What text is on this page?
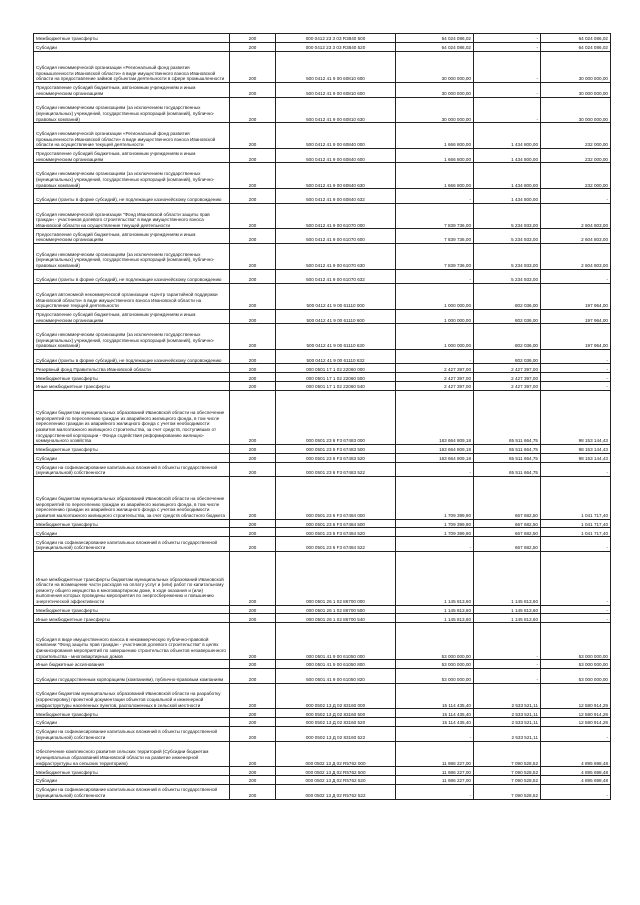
Межбюджетные трансферты	200	000 0412 23 3 03 R3840 500	64 024 086,02	-	64 024 086,02
Субсидии	200	000 0412 23 3 03 R3840 520	64 024 086,02	-	64 024 086,02
Субсидия некоммерческой организации «Региональный фонд развития промышленности Ивановской области» в виде имущественного взноса Ивановской области на предоставление займов субъектам деятельности в сфере промышленности	200	500 0412 41 9 00 60810 600	30 000 000,00	-	30 000 000,00
Предоставление субсидий бюджетным, автономным учреждениям и иным некоммерческим организациям	200	500 0412 41 9 00 60810 600	30 000 000,00	-	30 000 000,00
Субсидии некоммерческим организациям (за исключением государственных (муниципальных) учреждений, государственных корпораций (компаний), публично-правовых компаний)	200	500 0412 41 9 00 60810 630	30 000 000,00	-	30 000 000,00
Субсидия некоммерческой организации «Региональный фонд развития промышленности Ивановской области» в виде имущественного взноса Ивановской области на осуществление текущей деятельности	200	500 0412 41 9 00 60840 000	1 666 800,00	1 434 800,00	232 000,00
Предоставление субсидий бюджетным, автономным учреждениям и иным некоммерческим организациям	200	500 0412 41 9 00 60840 600	1 666 800,00	1 434 800,00	232 000,00
Субсидии некоммерческим организациям (за исключением государственных (муниципальных) учреждений, государственных корпораций (компаний), публично-правовых компаний)	200	500 0412 41 9 00 60840 630	1 666 800,00	1 434 800,00	232 000,00
Субсидии (гранты в форме субсидий), не подлежащие казначейскому сопровождению	200	500 0412 41 9 00 60840 632	-	1 434 800,00	-
Субсидия некоммерческой организации "Фонд Ивановской области защиты прав граждан - участников долевого строительства" в виде имущественного взноса Ивановской области на осуществление текущей деятельности	200	500 0412 41 9 00 61070 000	7 839 736,00	5 234 933,00	2 604 803,00
Предоставление субсидий бюджетным, автономным учреждениям и иным некоммерческим организациям	200	500 0412 41 9 00 61070 600	7 839 736,00	5 234 933,00	2 604 803,00
Субсидии некоммерческим организациям (за исключением государственных (муниципальных) учреждений, государственных корпораций (компаний), публично-правовых компаний)	200	500 0412 41 9 00 61070 630	7 839 736,00	5 234 933,00	2 604 803,00
Субсидии (гранты в форме субсидий), не подлежащие казначейскому сопровождению	200	500 0412 41 9 00 61070 632	-	5 234 933,00	-
Субсидия автономной некоммерческой организации «Центр гарантийной поддержки Ивановской области» в виде имущественного взноса Ивановской области на осуществление текущей деятельности	200	500 0412 41 9 00 61110 000	1 000 000,00	802 036,00	197 964,00
Предоставление субсидий бюджетным, автономным учреждениям и иным некоммерческим организациям	200	500 0412 41 9 00 61110 600	1 000 000,00	802 036,00	197 964,00
Субсидии некоммерческим организациям (за исключением государственных (муниципальных) учреждений, государственных корпораций (компаний), публично-правовых компаний)	200	500 0412 41 9 00 61110 630	1 000 000,00	802 036,00	197 964,00
Субсидии (гранты в форме субсидий), не подлежащие казначейскому сопровождению	200	500 0412 41 9 00 61110 632	-	802 036,00	-
Резервный фонд Правительства Ивановской области	200	000 0501 17 1 02 22060 000	2 427 397,00	2 427 397,00	-
Межбюджетные трансферты	200	000 0501 17 1 02 22060 500	2 427 397,00	2 427 397,00	-
Иные межбюджетные трансферты	200	000 0501 17 1 02 22060 540	2 427 397,00	2 427 397,00	-
Субсидии бюджетам муниципальных образований Ивановской области на обеспечение мероприятий по переселению граждан из аварийного жилищного фонда, в том числе переселению граждан из аварийного жилищного фонда с учетом необходимости развития малоэтажного жилищного строительства, за счет средств, поступивших от государственной корпорации - Фонда содействия реформированию жилищно-коммунального хозяйства	200	000 0501 23 6 F3 67483 000	163 664 809,18	65 511 664,75	98 153 144,43
Межбюджетные трансферты	200	000 0501 23 6 F3 67483 500	163 664 809,18	65 511 664,75	98 153 144,43
Субсидии	200	000 0501 23 6 F3 67483 520	163 664 809,18	65 511 664,75	98 153 144,43
Субсидии на софинансирование капитальных вложений в объекты государственной (муниципальной) собственности	200	000 0501 23 6 F3 67483 522	-	65 511 664,75	-
Субсидии бюджетам муниципальных образований Ивановской области на обеспечение мероприятий по переселению граждан из аварийного жилищного фонда, в том числе переселению граждан из аварийного жилищного фонда с учетом необходимости развития малоэтажного жилищного строительства, за счет средств областного бюджета	200	000 0501 23 6 F3 67484 000	1 709 399,90	667 682,50	1 041 717,40
Межбюджетные трансферты	200	000 0501 23 6 F3 67484 500	1 709 399,90	667 682,50	1 041 717,40
Субсидии	200	000 0501 23 6 F3 67484 520	1 709 399,90	667 682,50	1 041 717,40
Субсидии на софинансирование капитальных вложений в объекты государственной (муниципальной) собственности	200	000 0501 23 6 F3 67484 522	-	667 682,50	-
Иные межбюджетные трансферты бюджетам муниципальных образований Ивановской области на возмещение части расходов на оплату услуг и (или) работ по капитальному ремонту общего имущества в многоквартирном доме, в ходе оказания и (или) выполнения которых проведены мероприятия по энергосбережению и повышению энергетической эффективности	200	000 0501 26 1 02 86700 000	1 145 813,60	1 145 813,60	-
Межбюджетные трансферты	200	000 0501 26 1 02 86700 500	1 145 813,60	1 145 813,60	-
Иные межбюджетные трансферты	200	000 0501 26 1 02 86700 540	1 145 813,60	1 145 813,60	-
Субсидия в виде имущественного взноса в некоммерческую публично-правовой компании "Фонд защиты прав граждан - участников долевого строительства" в целях финансирования мероприятий по завершению строительства объектов незавершенного строительства - многоквартирных домов	200	000 0501 41 9 00 61050 000	53 000 000,00	-	53 000 000,00
Иные бюджетные ассигнования	200	000 0501 41 9 00 61050 800	53 000 000,00	-	53 000 000,00
Субсидии государственным корпорациям (компаниям), публично-правовым компаниям	200	500 0501 41 9 00 61050 820	53 000 000,00	-	53 000 000,00
Субсидии бюджетам муниципальных образований Ивановской области на разработку (корректировку) проектной документации объектов социальной и инженерной инфраструктуры населенных пунктов, расположенных в сельской местности	200	000 0502 13 Д 02 83160 000	15 114 435,40	2 533 521,11	12 580 914,29
Межбюджетные трансферты	200	000 0502 13 Д 02 83160 500	15 114 435,40	2 533 521,11	12 580 914,29
Субсидии	200	000 0502 13 Д 02 83160 520	15 114 435,40	2 533 521,11	12 580 914,29
Субсидии на софинансирование капитальных вложений в объекты государственной (муниципальной) собственности	200	000 0502 13 Д 02 83160 522	-	2 533 521,11	-
Обеспечение комплексного развития сельских территорий (Субсидии бюджетам муниципальных образований Ивановской области на развитие инженерной инфраструктуры на сельских территориях)	200	000 0502 13 Д 02 R5762 000	11 986 227,00	7 090 528,52	4 895 698,48
Межбюджетные трансферты	200	000 0502 13 Д 02 R5762 500	11 986 227,00	7 090 528,52	4 895 698,48
Субсидии	200	000 0502 13 Д 02 R5762 520	11 986 227,00	7 090 528,52	4 895 698,48
Субсидии на софинансирование капитальных вложений в объекты государственной (муниципальной) собственности	200	000 0502 13 Д 02 R5762 522	-	7 090 528,52	-
